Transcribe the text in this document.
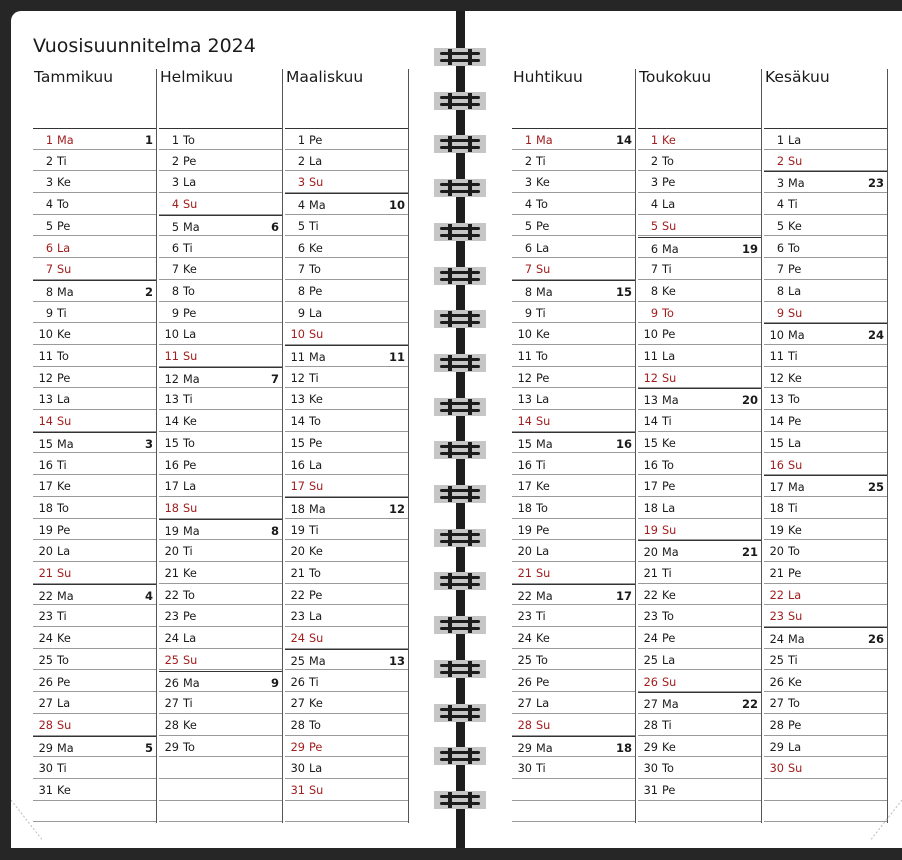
Vuosisuunnitelma 2024
Tammikuu
1 Ma	1
2 Ti
3 Ke
4 To
5 Pe
6 La
7 Su
8 Ma	2
9 Ti
10 Ke
11 To
12 Pe
13 La
14 Su
15 Ma	3
16 Ti
17 Ke
18 To
19 Pe
20 La
21 Su
22 Ma	4
23 Ti
24 Ke
25 To
26 Pe
27 La
28 Su
29 Ma	5
30 Ti
31 Ke
Helmikuu
1 To
2 Pe
3 La
4 Su
5 Ma	6
6 Ti
7 Ke
8 To
9 Pe
10 La
11 Su
12 Ma	7
13 Ti
14 Ke
15 To
16 Pe
17 La
18 Su
19 Ma	8
20 Ti
21 Ke
22 To
23 Pe
24 La
25 Su
26 Ma	9
27 Ti
28 Ke
29 To
Maaliskuu
1 Pe
2 La
3 Su
4 Ma	10
5 Ti
6 Ke
7 To
8 Pe
9 La
10 Su
11 Ma	11
12 Ti
13 Ke
14 To
15 Pe
16 La
17 Su
18 Ma	12
19 Ti
20 Ke
21 To
22 Pe
23 La
24 Su
25 Ma	13
26 Ti
27 Ke
28 To
29 Pe
30 La
31 Su
Huhtikuu
1 Ma	14
2 Ti
3 Ke
4 To
5 Pe
6 La
7 Su
8 Ma	15
9 Ti
10 Ke
11 To
12 Pe
13 La
14 Su
15 Ma	16
16 Ti
17 Ke
18 To
19 Pe
20 La
21 Su
22 Ma	17
23 Ti
24 Ke
25 To
26 Pe
27 La
28 Su
29 Ma	18
30 Ti
Toukokuu
1 Ke
2 To
3 Pe
4 La
5 Su
6 Ma	19
7 Ti
8 Ke
9 To
10 Pe
11 La
12 Su
13 Ma	20
14 Ti
15 Ke
16 To
17 Pe
18 La
19 Su
20 Ma	21
21 Ti
22 Ke
23 To
24 Pe
25 La
26 Su
27 Ma	22
28 Ti
29 Ke
30 To
31 Pe
Kesäkuu
1 La
2 Su
3 Ma	23
4 Ti
5 Ke
6 To
7 Pe
8 La
9 Su
10 Ma	24
11 Ti
12 Ke
13 To
14 Pe
15 La
16 Su
17 Ma	25
18 Ti
19 Ke
20 To
21 Pe
22 La
23 Su
24 Ma	26
25 Ti
26 Ke
27 To
28 Pe
29 La
30 Su
